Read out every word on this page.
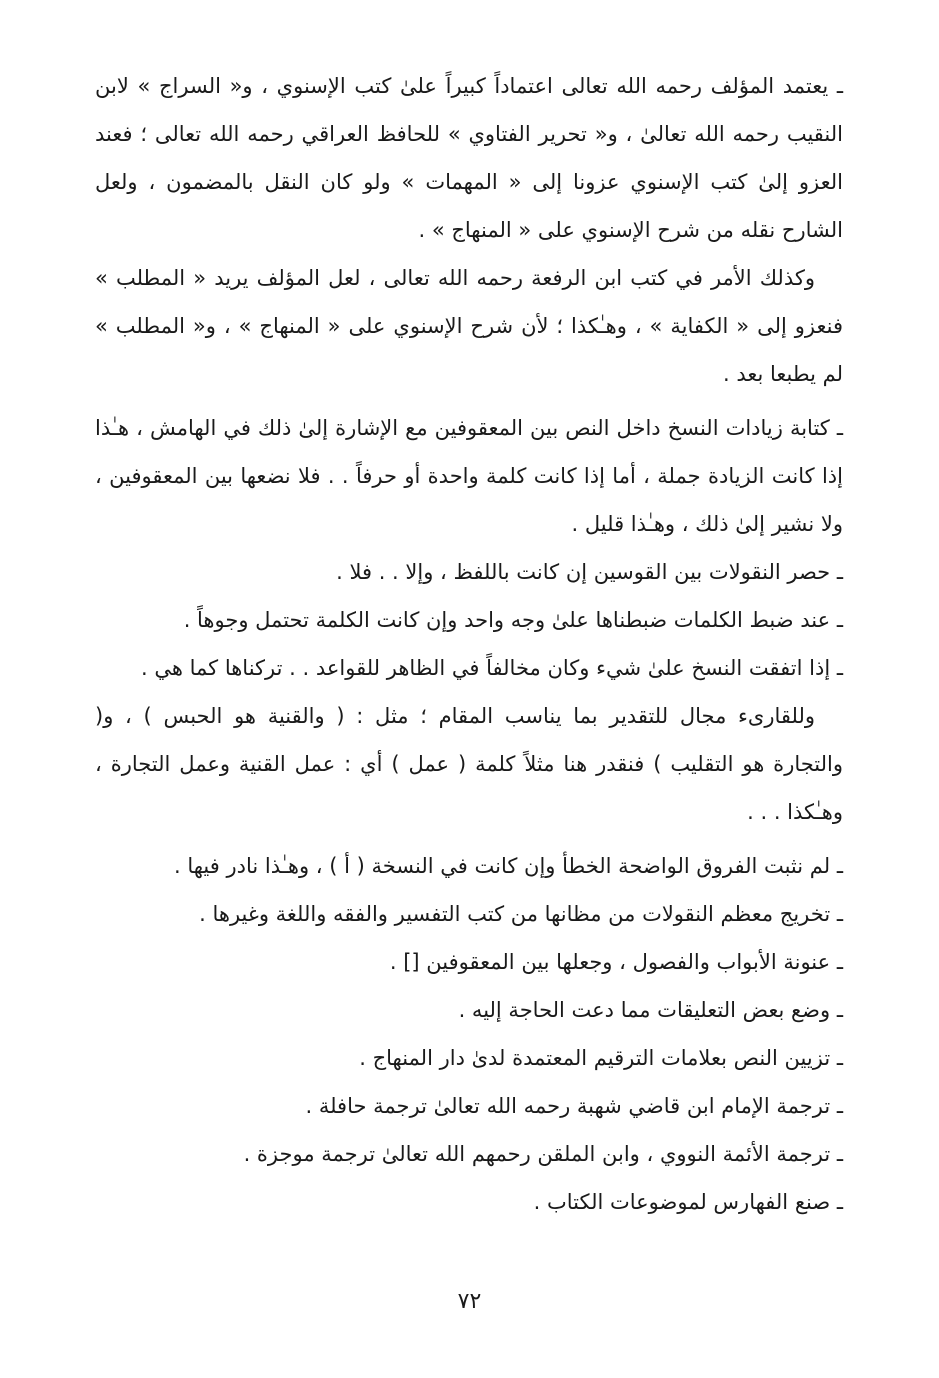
ـ يعتمد المؤلف رحمه الله تعالى اعتماداً كبيراً علىٰ كتب الإسنوي ، و« السراج » لابن النقيب رحمه الله تعالىٰ ، و« تحرير الفتاوي » للحافظ العراقي رحمه الله تعالى ؛ فعند العزو إلىٰ كتب الإسنوي عزونا إلى « المهمات » ولو كان النقل بالمضمون ، ولعل الشارح نقله من شرح الإسنوي على « المنهاج » .

وكذلك الأمر في كتب ابن الرفعة رحمه الله تعالى ، لعل المؤلف يريد « المطلب » فنعزو إلى « الكفاية » ، وهـٰكذا ؛ لأن شرح الإسنوي على « المنهاج » ، و« المطلب » لم يطبعا بعد .

ـ كتابة زيادات النسخ داخل النص بين المعقوفين مع الإشارة إلىٰ ذلك في الهامش ، هـٰذا إذا كانت الزيادة جملة ، أما إذا كانت كلمة واحدة أو حرفاً . . فلا نضعها بين المعقوفين ، ولا نشير إلىٰ ذلك ، وهـٰذا قليل .

ـ حصر النقولات بين القوسين إن كانت باللفظ ، وإلا . . فلا .

ـ عند ضبط الكلمات ضبطناها علىٰ وجه واحد وإن كانت الكلمة تحتمل وجوهاً .

ـ إذا اتفقت النسخ علىٰ شيء وكان مخالفاً في الظاهر للقواعد . . تركناها كما هي .

وللقارىء مجال للتقدير بما يناسب المقام ؛ مثل : ( والقنية هو الحبس ) ، و( والتجارة هو التقليب ) فنقدر هنا مثلاً كلمة ( عمل ) أي : عمل القنية وعمل التجارة ، وهـٰكذا . . .

ـ لم نثبت الفروق الواضحة الخطأ وإن كانت في النسخة ( أ ) ، وهـٰذا نادر فيها .

ـ تخريج معظم النقولات من مظانها من كتب التفسير والفقه واللغة وغيرها .

ـ عنونة الأبواب والفصول ، وجعلها بين المعقوفين [] .

ـ وضع بعض التعليقات مما دعت الحاجة إليه .

ـ تزيين النص بعلامات الترقيم المعتمدة لدىٰ دار المنهاج .

ـ ترجمة الإمام ابن قاضي شهبة رحمه الله تعالىٰ ترجمة حافلة .

ـ ترجمة الأئمة النووي ، وابن الملقن رحمهم الله تعالىٰ ترجمة موجزة .

ـ صنع الفهارس لموضوعات الكتاب .

٧٢
